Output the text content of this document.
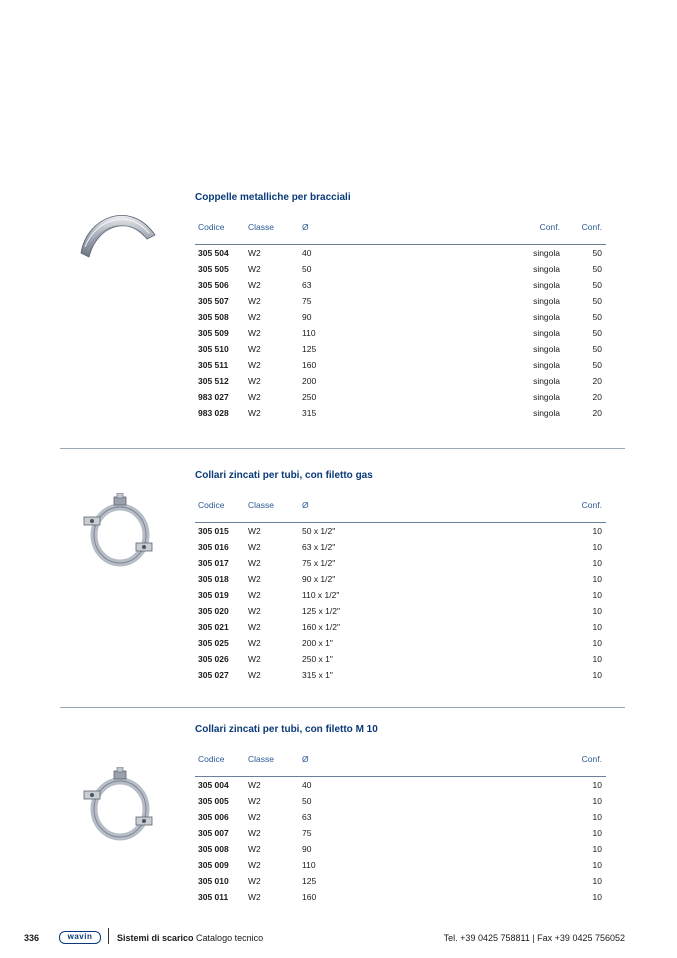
Coppelle metalliche per bracciali
Codice	Classe	Ø	Conf.	Conf.
305 504 W2	40	singola	50
305 505 W2	50	singola	50
305 506 W2	63	singola	50
305 507 W2	75	singola	50
305 508 W2	90	singola	50
305 509 W2	110	singola	50
305 510 W2	125	singola	50
305 511 W2	160	singola	50
305 512 W2	200	singola	20
983 027 W2	250	singola	20
983 028 W2	315	singola	20
Collari zincati per tubi, con filetto gas
Codice	Classe	Ø	Conf.
305 015 W2	50 x 1/2"	10
305 016 W2	63 x 1/2"	10
305 017 W2	75 x 1/2"	10
305 018 W2	90 x 1/2"	10
305 019 W2	110 x 1/2"	10
305 020 W2	125 x 1/2"	10
305 021 W2	160 x 1/2"	10
305 025 W2	200 x 1"	10
305 026 W2	250 x 1"	10
305 027 W2	315 x 1"	10
Collari zincati per tubi, con filetto M 10
Codice	Classe	Ø	Conf.
305 004 W2	40	10
305 005 W2	50	10
305 006 W2	63	10
305 007 W2	75	10
305 008 W2	90	10
305 009 W2	110	10
305 010 W2	125	10
305 011 W2	160	10
336	wavin	Sistemi di scarico Catalogo tecnico	Tel. +39 0425 758811 | Fax +39 0425 756052
